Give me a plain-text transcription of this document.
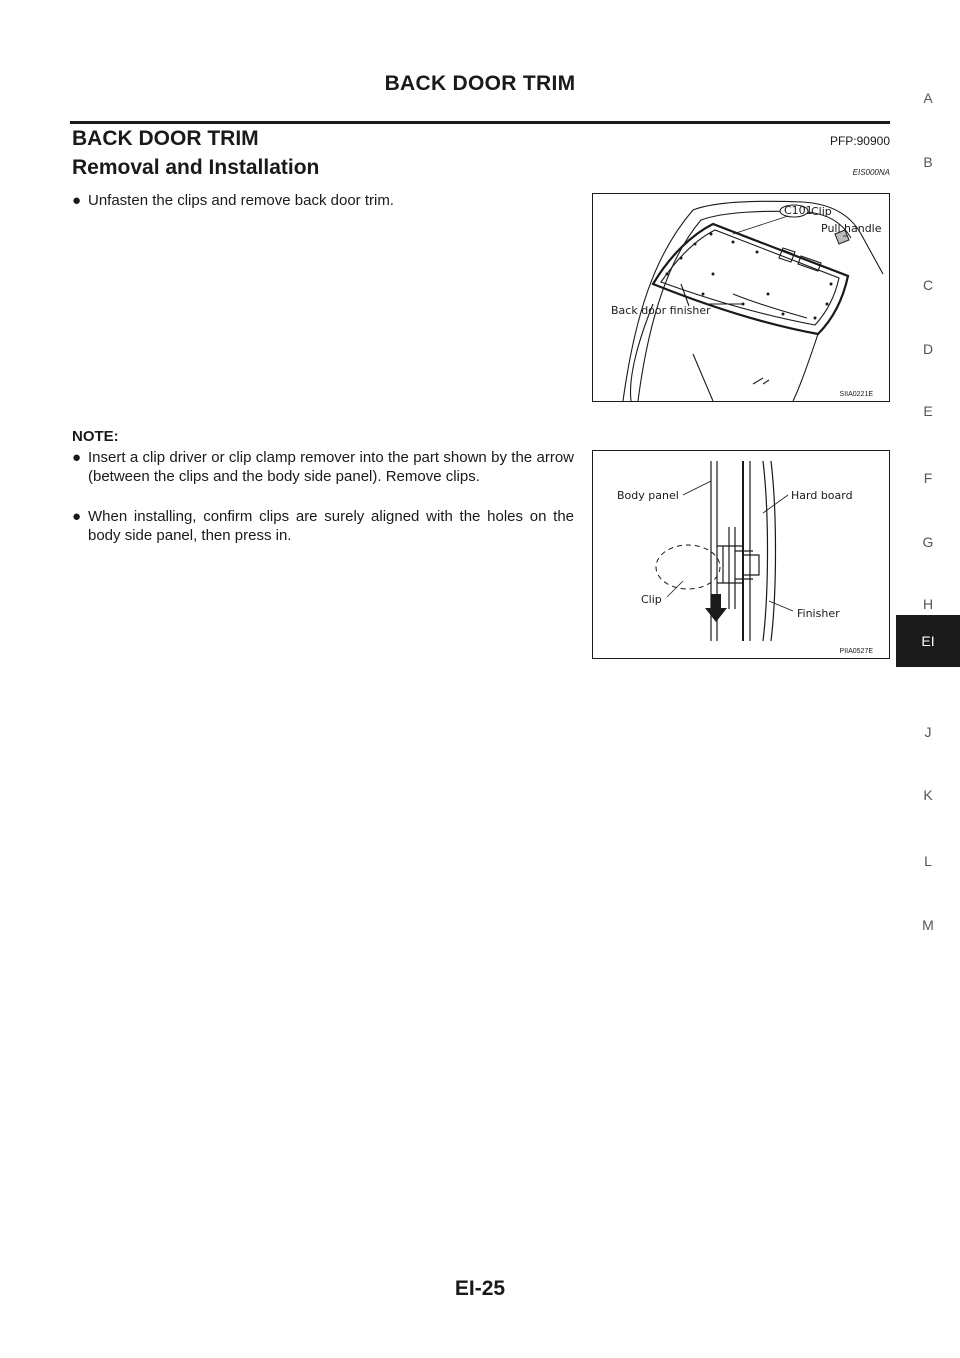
BACK DOOR TRIM
BACK DOOR TRIM	PFP:90900
Removal and Installation	EIS000NA
● Unfasten the clips and remove back door trim.
NOTE:
● Insert a clip driver or clip clamp remover into the part shown by the arrow (between the clips and the body side panel). Remove clips.
● When installing, confirm clips are surely aligned with the holes on the body side panel, then press in.
C101
Clip
Pull handle
Back door finisher
SIIA0221E
Body panel	Hard board
Clip
Finisher
PIIA0527E
A
B
C
D
E
F
G
H
EI
J
K
L
M
EI-25
